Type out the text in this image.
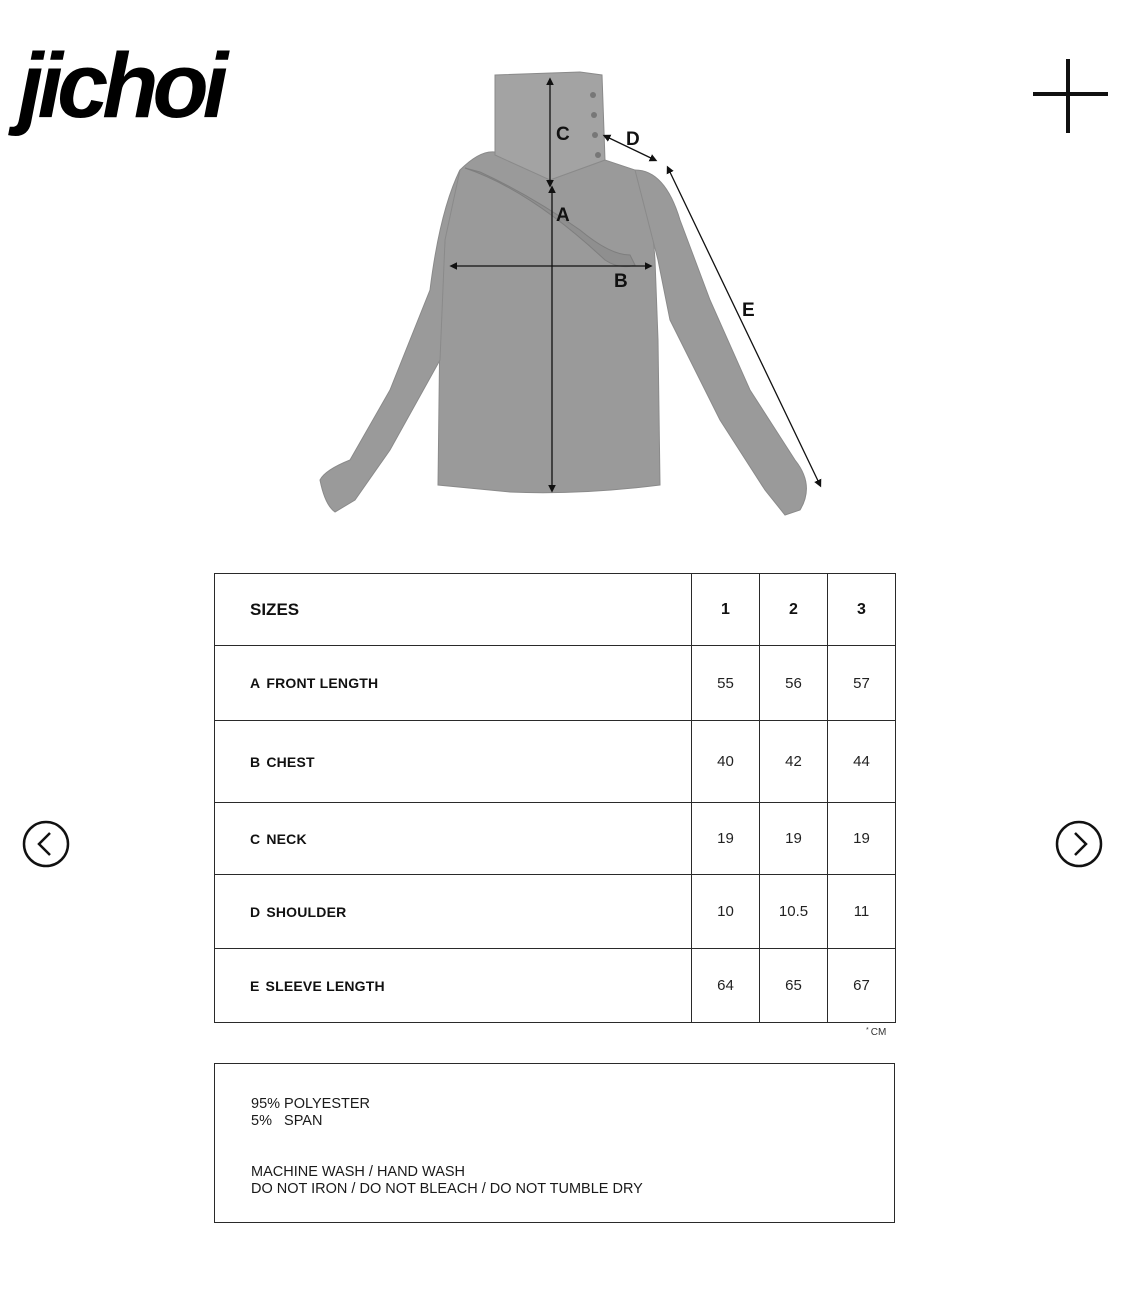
jichoi	C
A
B
D
E
SIZES	1	2	3
A FRONT LENGTH	55	56	57
B CHEST	40	42	44
C NECK	19	19	19
D SHOULDER	10	10.5	11
E SLEEVE LENGTH	64	65	67
* CM
95% POLYESTER
5%   SPAN
MACHINE WASH / HAND WASH
DO NOT IRON / DO NOT BLEACH / DO NOT TUMBLE DRY
